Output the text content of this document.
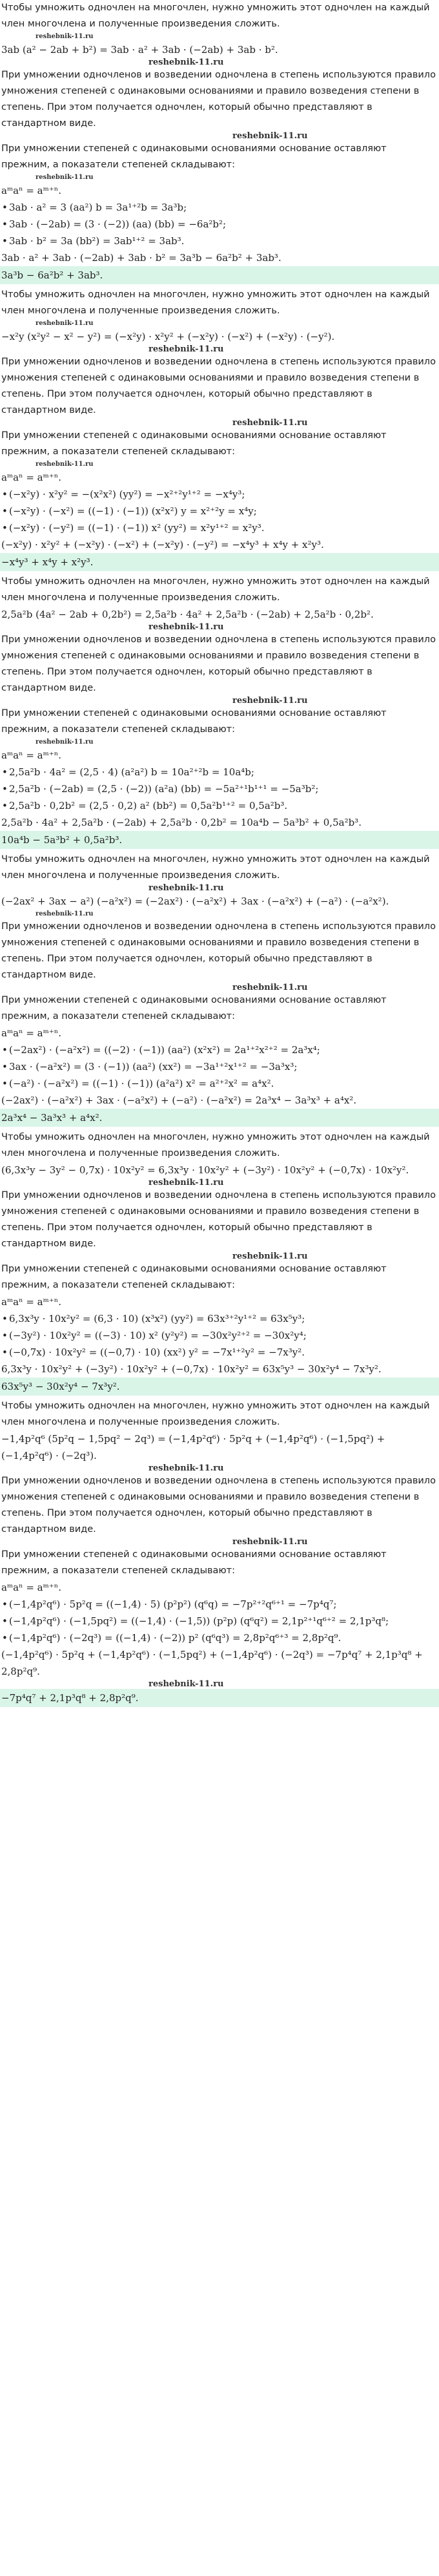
Чтобы умножить одночлен на многочлен, нужно умножить этот одночлен на каждый член многочлена и полученные произведения сложить.
reshebnik-11.ru
3ab (a² − 2ab + b²) = 3ab · a² + 3ab · (−2ab) + 3ab · b².
reshebnik-11.ru
При умножении одночленов и возведении одночлена в степень используются правило умножения степеней с одинаковыми основаниями и правило возведения степени в степень. При этом получается одночлен, который обычно представляют в стандартном виде.
reshebnik-11.ru
При умножении степеней с одинаковыми основаниями основание оставляют прежним, а показатели степеней складывают:
reshebnik-11.ru
aᵐaⁿ = aᵐ⁺ⁿ.
• 3ab · a² = 3 (aa²) b = 3a¹⁺²b = 3a³b;
• 3ab · (−2ab) = (3 · (−2)) (aa) (bb) = −6a²b²;
• 3ab · b² = 3a (bb²) = 3ab¹⁺² = 3ab³.
3ab · a² + 3ab · (−2ab) + 3ab · b² = 3a³b − 6a²b² + 3ab³.
3a³b − 6a²b² + 3ab³.
Чтобы умножить одночлен на многочлен, нужно умножить этот одночлен на каждый член многочлена и полученные произведения сложить.
reshebnik-11.ru
−x²y (x²y² − x² − y²) = (−x²y) · x²y² + (−x²y) · (−x²) + (−x²y) · (−y²).
reshebnik-11.ru
При умножении одночленов и возведении одночлена в степень используются правило умножения степеней с одинаковыми основаниями и правило возведения степени в степень. При этом получается одночлен, который обычно представляют в стандартном виде.
reshebnik-11.ru
При умножении степеней с одинаковыми основаниями основание оставляют прежним, а показатели степеней складывают:
reshebnik-11.ru
aᵐaⁿ = aᵐ⁺ⁿ.
• (−x²y) · x²y² = −(x²x²) (yy²) = −x²⁺²y¹⁺² = −x⁴y³;
• (−x²y) · (−x²) = ((−1) · (−1)) (x²x²) y = x²⁺²y = x⁴y;
• (−x²y) · (−y²) = ((−1) · (−1)) x² (yy²) = x²y¹⁺² = x²y³.
(−x²y) · x²y² + (−x²y) · (−x²) + (−x²y) · (−y²) = −x⁴y³ + x⁴y + x²y³.
−x⁴y³ + x⁴y + x²y³.
Чтобы умножить одночлен на многочлен, нужно умножить этот одночлен на каждый член многочлена и полученные произведения сложить.
2,5a²b (4a² − 2ab + 0,2b²) = 2,5a²b · 4a² + 2,5a²b · (−2ab) + 2,5a²b · 0,2b².
reshebnik-11.ru
При умножении одночленов и возведении одночлена в степень используются правило умножения степеней с одинаковыми основаниями и правило возведения степени в степень. При этом получается одночлен, который обычно представляют в стандартном виде.
reshebnik-11.ru
При умножении степеней с одинаковыми основаниями основание оставляют прежним, а показатели степеней складывают:
reshebnik-11.ru
aᵐaⁿ = aᵐ⁺ⁿ.
• 2,5a²b · 4a² = (2,5 · 4) (a²a²) b = 10a²⁺²b = 10a⁴b;
• 2,5a²b · (−2ab) = (2,5 · (−2)) (a²a) (bb) = −5a²⁺¹b¹⁺¹ = −5a³b²;
• 2,5a²b · 0,2b² = (2,5 · 0,2) a² (bb²) = 0,5a²b¹⁺² = 0,5a²b³.
2,5a²b · 4a² + 2,5a²b · (−2ab) + 2,5a²b · 0,2b² = 10a⁴b − 5a³b² + 0,5a²b³.
10a⁴b − 5a³b² + 0,5a²b³.
Чтобы умножить одночлен на многочлен, нужно умножить этот одночлен на каждый член многочлена и полученные произведения сложить.
reshebnik-11.ru
(−2ax² + 3ax − a²) (−a²x²) = (−2ax²) · (−a²x²) + 3ax · (−a²x²) + (−a²) · (−a²x²).
reshebnik-11.ru
При умножении одночленов и возведении одночлена в степень используются правило умножения степеней с одинаковыми основаниями и правило возведения степени в степень. При этом получается одночлен, который обычно представляют в стандартном виде.
reshebnik-11.ru
При умножении степеней с одинаковыми основаниями основание оставляют прежним, а показатели степеней складывают:
aᵐaⁿ = aᵐ⁺ⁿ.
• (−2ax²) · (−a²x²) = ((−2) · (−1)) (aa²) (x²x²) = 2a¹⁺²x²⁺² = 2a³x⁴;
• 3ax · (−a²x²) = (3 · (−1)) (aa²) (xx²) = −3a¹⁺²x¹⁺² = −3a³x³;
• (−a²) · (−a²x²) = ((−1) · (−1)) (a²a²) x² = a²⁺²x² = a⁴x².
(−2ax²) · (−a²x²) + 3ax · (−a²x²) + (−a²) · (−a²x²) = 2a³x⁴ − 3a³x³ + a⁴x².
2a³x⁴ − 3a³x³ + a⁴x².
Чтобы умножить одночлен на многочлен, нужно умножить этот одночлен на каждый член многочлена и полученные произведения сложить.
(6,3x³y − 3y² − 0,7x) · 10x²y² = 6,3x³y · 10x²y² + (−3y²) · 10x²y² + (−0,7x) · 10x²y².
reshebnik-11.ru
При умножении одночленов и возведении одночлена в степень используются правило умножения степеней с одинаковыми основаниями и правило возведения степени в степень. При этом получается одночлен, который обычно представляют в стандартном виде.
reshebnik-11.ru
При умножении степеней с одинаковыми основаниями основание оставляют прежним, а показатели степеней складывают:
aᵐaⁿ = aᵐ⁺ⁿ.
• 6,3x³y · 10x²y² = (6,3 · 10) (x³x²) (yy²) = 63x³⁺²y¹⁺² = 63x⁵y³;
• (−3y²) · 10x²y² = ((−3) · 10) x² (y²y²) = −30x²y²⁺² = −30x²y⁴;
• (−0,7x) · 10x²y² = ((−0,7) · 10) (xx²) y² = −7x¹⁺²y² = −7x³y².
6,3x³y · 10x²y² + (−3y²) · 10x²y² + (−0,7x) · 10x²y² = 63x⁵y³ − 30x²y⁴ − 7x³y².
63x⁵y³ − 30x²y⁴ − 7x³y².
Чтобы умножить одночлен на многочлен, нужно умножить этот одночлен на каждый член многочлена и полученные произведения сложить.
−1,4p²q⁶ (5p²q − 1,5pq² − 2q³) = (−1,4p²q⁶) · 5p²q + (−1,4p²q⁶) · (−1,5pq²) + (−1,4p²q⁶) · (−2q³).
reshebnik-11.ru
При умножении одночленов и возведении одночлена в степень используются правило умножения степеней с одинаковыми основаниями и правило возведения степени в степень. При этом получается одночлен, который обычно представляют в стандартном виде.
reshebnik-11.ru
При умножении степеней с одинаковыми основаниями основание оставляют прежним, а показатели степеней складывают:
aᵐaⁿ = aᵐ⁺ⁿ.
• (−1,4p²q⁶) · 5p²q = ((−1,4) · 5) (p²p²) (q⁶q) = −7p²⁺²q⁶⁺¹ = −7p⁴q⁷;
• (−1,4p²q⁶) · (−1,5pq²) = ((−1,4) · (−1,5)) (p²p) (q⁶q²) = 2,1p²⁺¹q⁶⁺² = 2,1p³q⁸;
• (−1,4p²q⁶) · (−2q³) = ((−1,4) · (−2)) p² (q⁶q³) = 2,8p²q⁶⁺³ = 2,8p²q⁹.
(−1,4p²q⁶) · 5p²q + (−1,4p²q⁶) · (−1,5pq²) + (−1,4p²q⁶) · (−2q³) = −7p⁴q⁷ + 2,1p³q⁸ + 2,8p²q⁹.
reshebnik-11.ru
−7p⁴q⁷ + 2,1p³q⁸ + 2,8p²q⁹.
